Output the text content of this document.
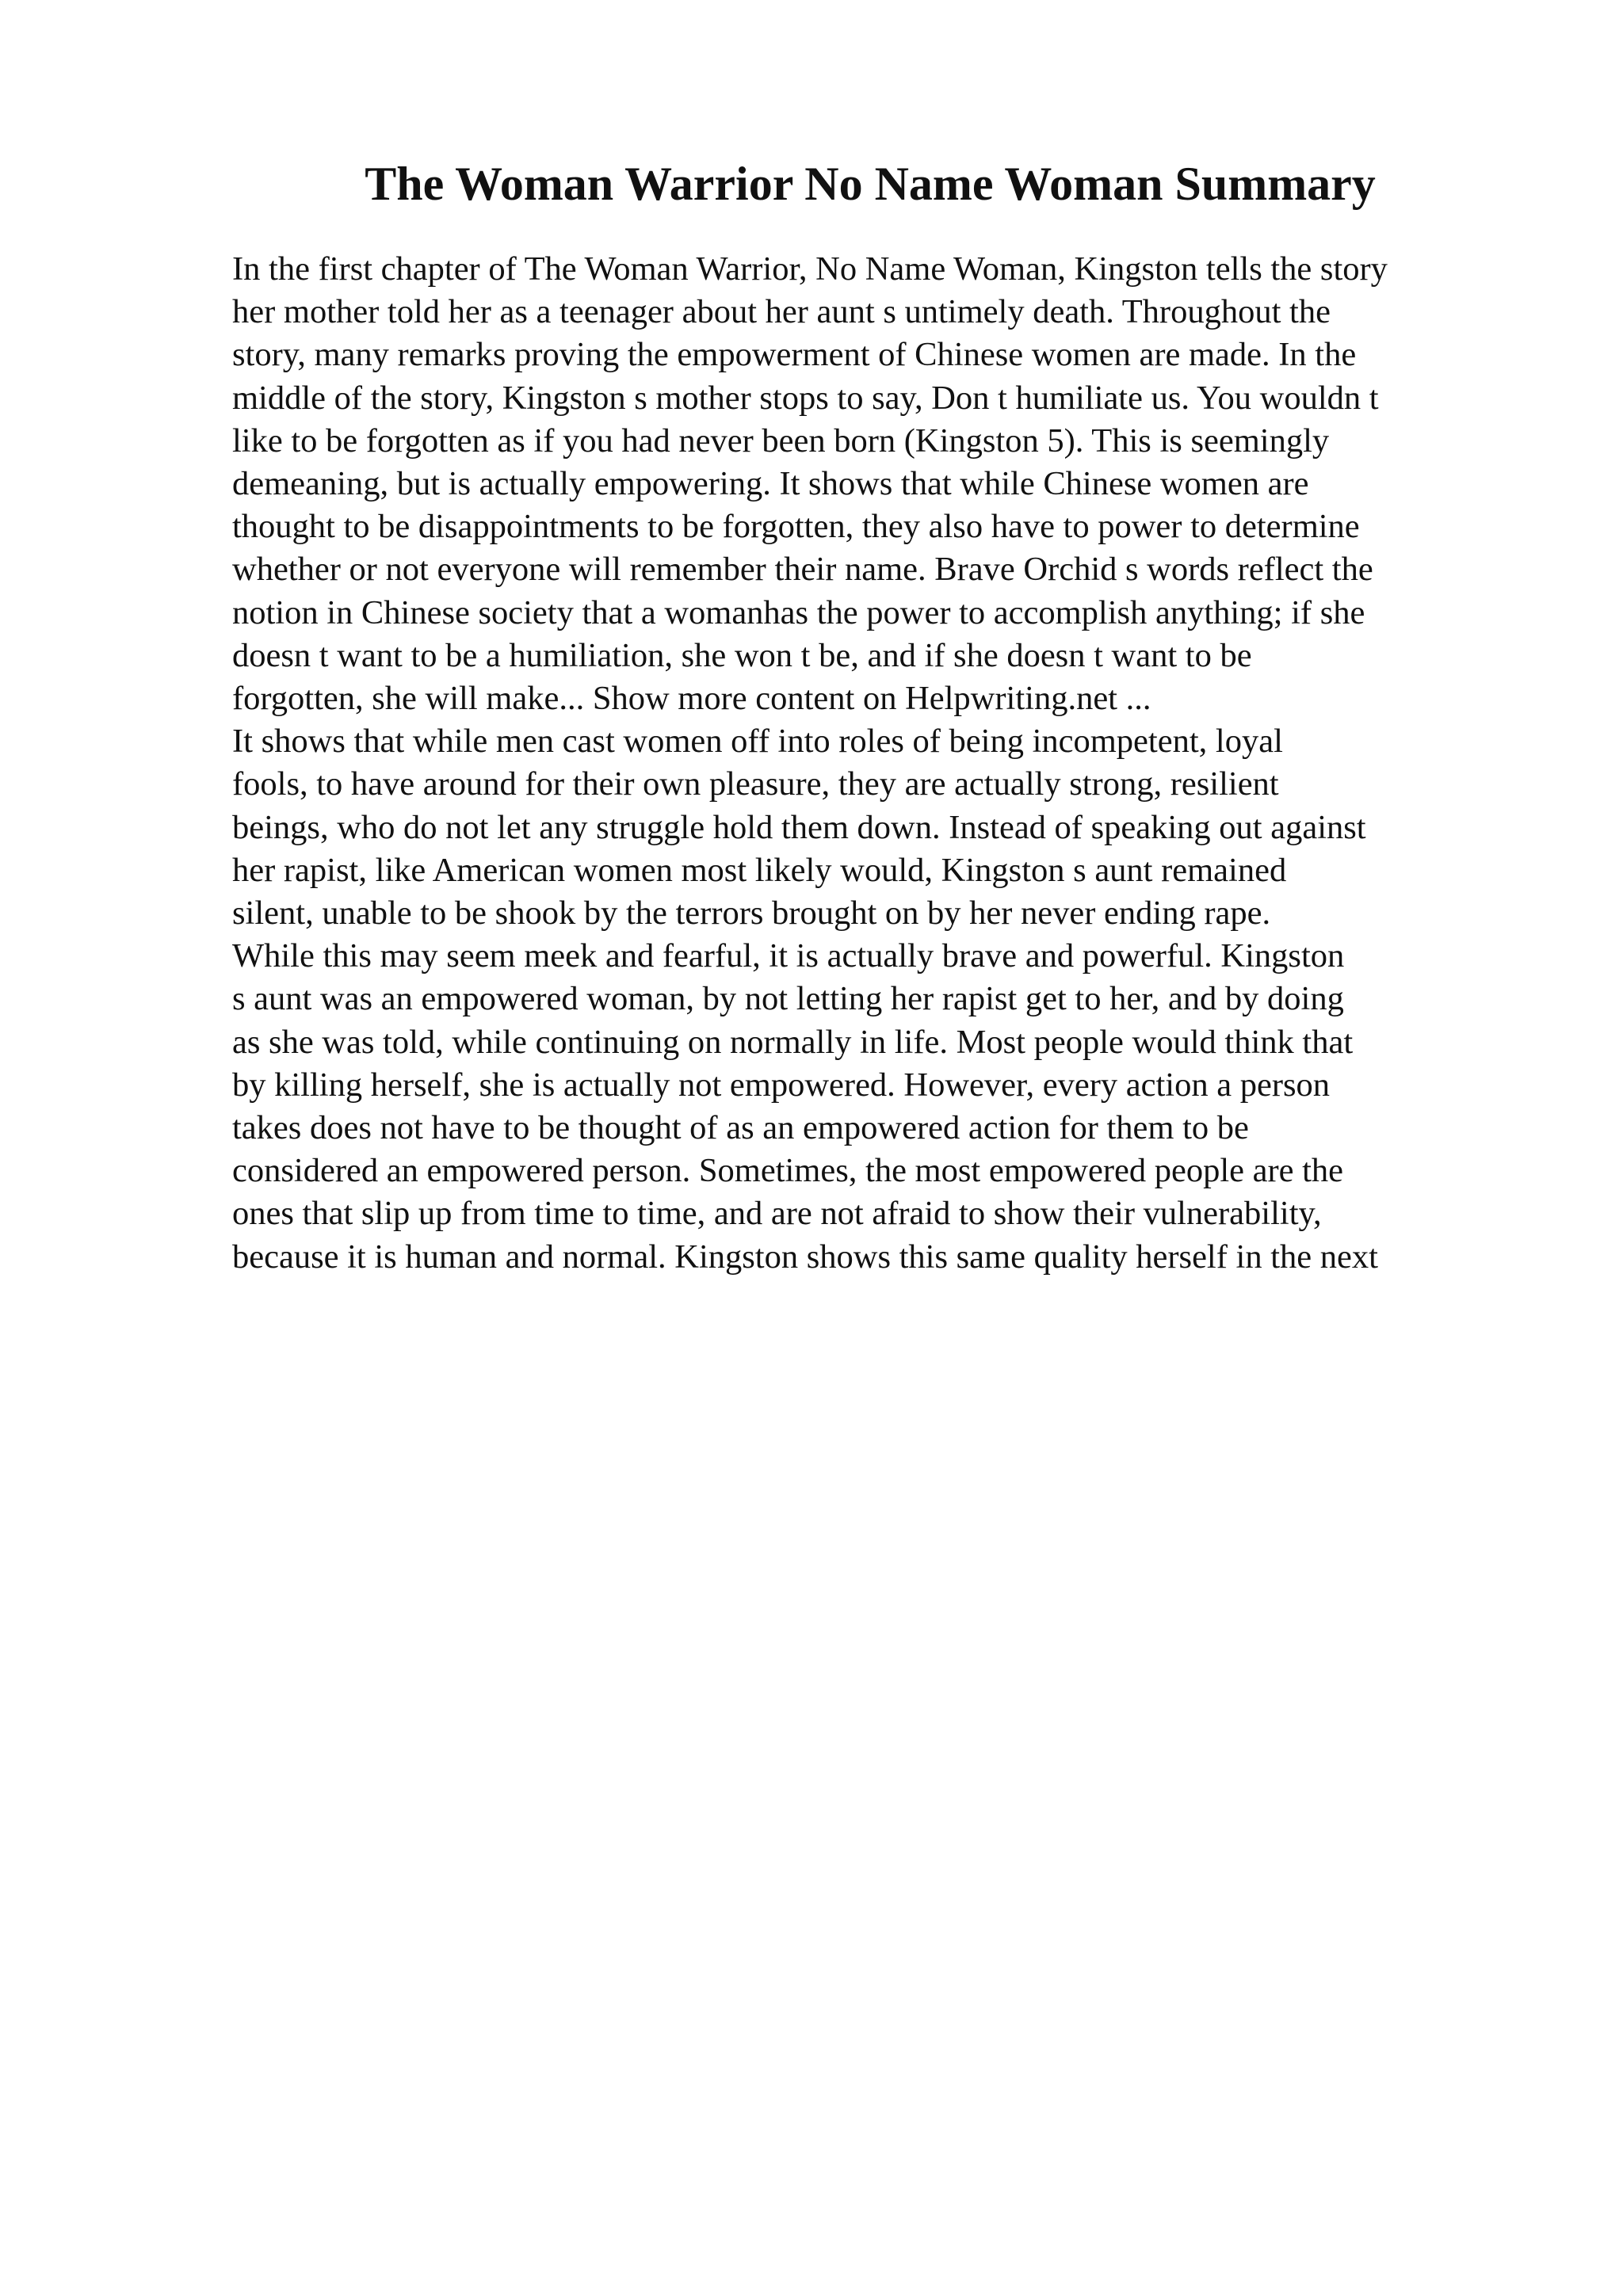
The Woman Warrior No Name Woman Summary
In the first chapter of The Woman Warrior, No Name Woman, Kingston tells the story
her mother told her as a teenager about her aunt s untimely death. Throughout the
story, many remarks proving the empowerment of Chinese women are made. In the
middle of the story, Kingston s mother stops to say, Don t humiliate us. You wouldn t
like to be forgotten as if you had never been born (Kingston 5). This is seemingly
demeaning, but is actually empowering. It shows that while Chinese women are
thought to be disappointments to be forgotten, they also have to power to determine
whether or not everyone will remember their name. Brave Orchid s words reflect the
notion in Chinese society that a womanhas the power to accomplish anything; if she
doesn t want to be a humiliation, she won t be, and if she doesn t want to be
forgotten, she will make... Show more content on Helpwriting.net ...
It shows that while men cast women off into roles of being incompetent, loyal
fools, to have around for their own pleasure, they are actually strong, resilient
beings, who do not let any struggle hold them down. Instead of speaking out against
her rapist, like American women most likely would, Kingston s aunt remained
silent, unable to be shook by the terrors brought on by her never ending rape.
While this may seem meek and fearful, it is actually brave and powerful. Kingston
s aunt was an empowered woman, by not letting her rapist get to her, and by doing
as she was told, while continuing on normally in life. Most people would think that
by killing herself, she is actually not empowered. However, every action a person
takes does not have to be thought of as an empowered action for them to be
considered an empowered person. Sometimes, the most empowered people are the
ones that slip up from time to time, and are not afraid to show their vulnerability,
because it is human and normal. Kingston shows this same quality herself in the next
